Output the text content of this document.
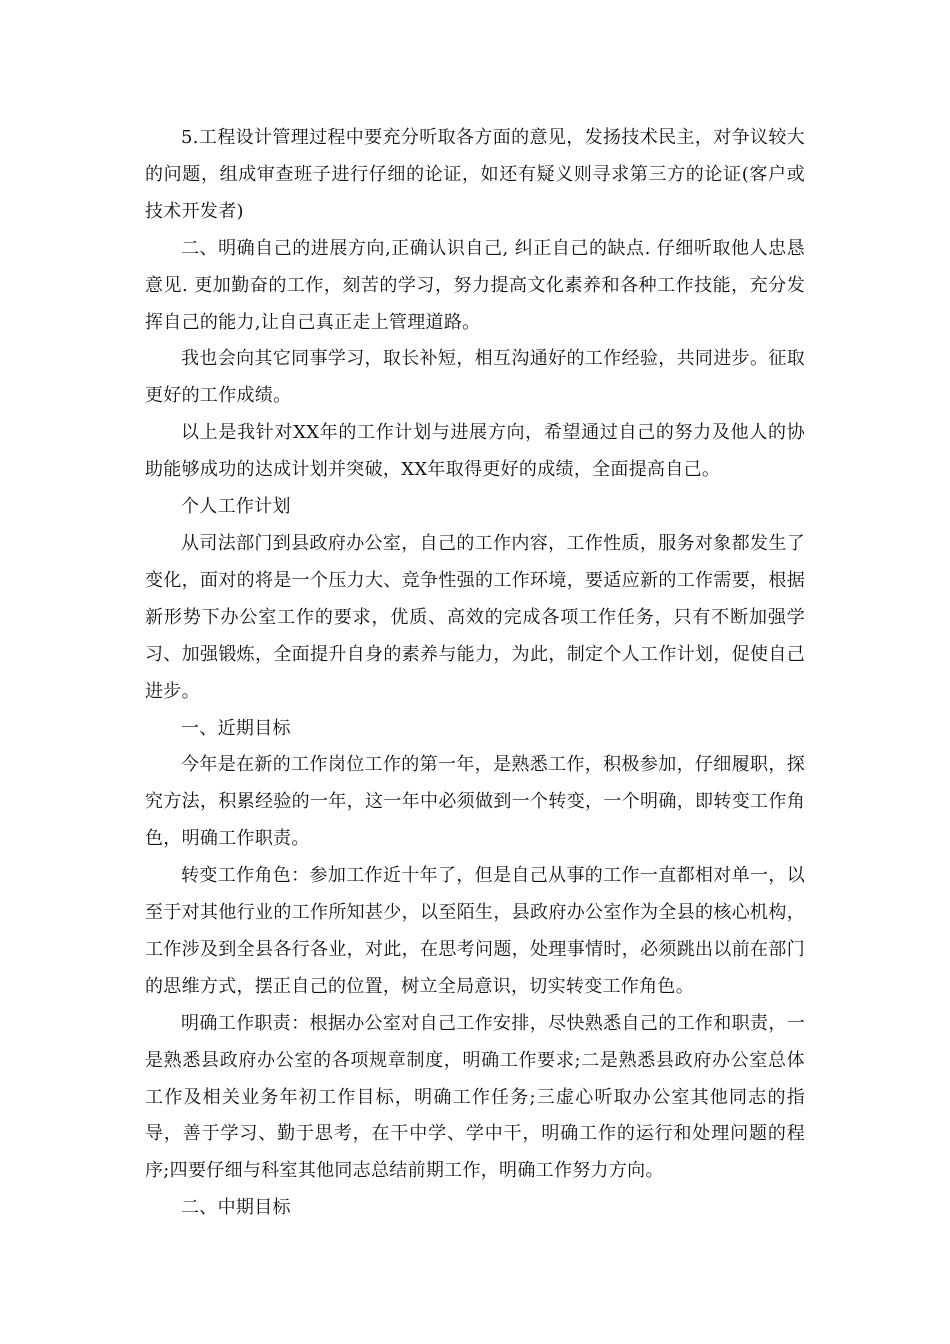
5.工程设计管理过程中要充分听取各方面的意见，发扬技术民主，对争议较大的问题，组成审查班子进行仔细的论证，如还有疑义则寻求第三方的论证(客户或技术开发者)

二、明确自己的进展方向,正确认识自己, 纠正自己的缺点. 仔细听取他人忠恳意见. 更加勤奋的工作，刻苦的学习，努力提高文化素养和各种工作技能，充分发挥自己的能力,让自己真正走上管理道路。

我也会向其它同事学习，取长补短，相互沟通好的工作经验，共同进步。征取更好的工作成绩。

以上是我针对XX年的工作计划与进展方向，希望通过自己的努力及他人的协助能够成功的达成计划并突破，XX年取得更好的成绩，全面提高自己。

个人工作计划

从司法部门到县政府办公室，自己的工作内容，工作性质，服务对象都发生了变化，面对的将是一个压力大、竞争性强的工作环境，要适应新的工作需要，根据新形势下办公室工作的要求，优质、高效的完成各项工作任务，只有不断加强学习、加强锻炼，全面提升自身的素养与能力，为此，制定个人工作计划，促使自己进步。

一、近期目标

今年是在新的工作岗位工作的第一年，是熟悉工作，积极参加，仔细履职，探究方法，积累经验的一年，这一年中必须做到一个转变，一个明确，即转变工作角色，明确工作职责。

转变工作角色：参加工作近十年了，但是自己从事的工作一直都相对单一，以至于对其他行业的工作所知甚少，以至陌生，县政府办公室作为全县的核心机构，工作涉及到全县各行各业，对此，在思考问题，处理事情时，必须跳出以前在部门的思维方式，摆正自己的位置，树立全局意识，切实转变工作角色。

明确工作职责：根据办公室对自己工作安排，尽快熟悉自己的工作和职责，一是熟悉县政府办公室的各项规章制度，明确工作要求;二是熟悉县政府办公室总体工作及相关业务年初工作目标，明确工作任务;三虚心听取办公室其他同志的指导，善于学习、勤于思考，在干中学、学中干，明确工作的运行和处理问题的程序;四要仔细与科室其他同志总结前期工作，明确工作努力方向。

二、中期目标
